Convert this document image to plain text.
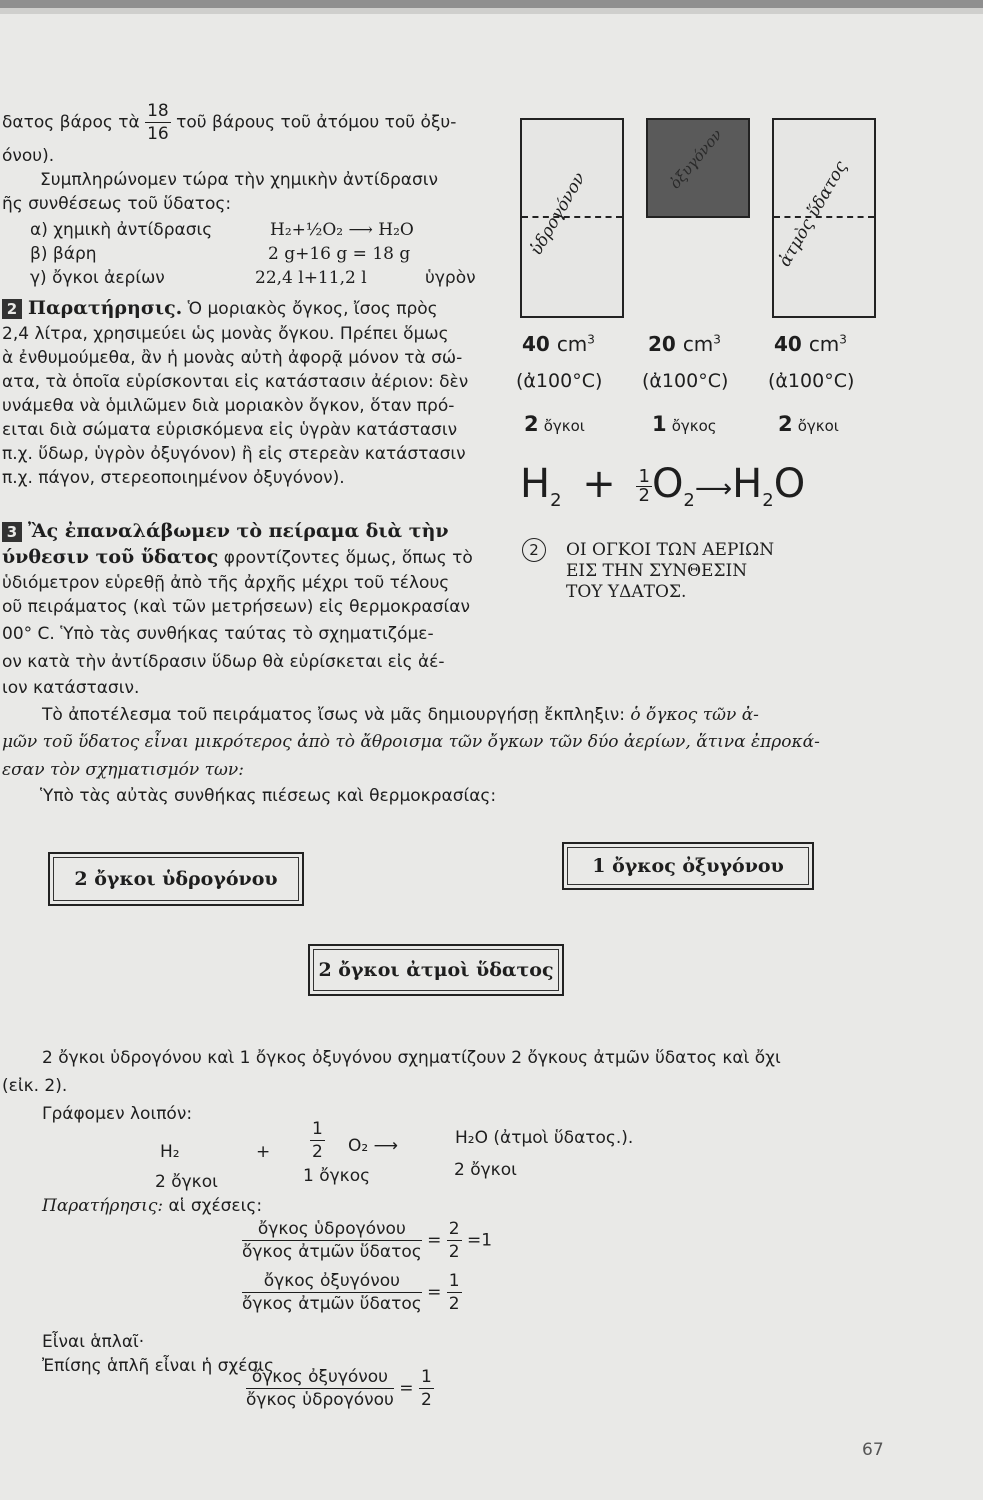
δατος βάρος τὰ $\frac{18}{16}$ τοῦ βάρους τοῦ ἀτόμου τοῦ ὀξυ-
όνου).
Συμπληρώνομεν τώρα τὴν χημικὴν ἀντίδρασιν
ῆς συνθέσεως τοῦ ὕδατος:
α) χημικὴ ἀντίδρασις	H₂+½O₂ ⟶ H₂O
β) βάρη	2 g+16 g = 18 g
γ) ὄγκοι ἀερίων	22,4 l+11,2 l	ὑγρὸν
2 Παρατήρησις. Ὁ μοριακὸς ὄγκος, ἴσος πρὸς
2,4 λίτρα, χρησιμεύει ὡς μονὰς ὄγκου. Πρέπει ὅμως
ὰ ἐνθυμούμεθα, ἂν ἡ μονὰς αὐτὴ ἀφορᾷ μόνον τὰ σώ-
ατα, τὰ ὁποῖα εὑρίσκονται εἰς κατάστασιν ἀέριον: δὲν
υνάμεθα νὰ ὁμιλῶμεν διὰ μοριακὸν ὄγκον, ὅταν πρό-
ειται διὰ σώματα εὑρισκόμενα εἰς ὑγρὰν κατάστασιν
π.χ. ὕδωρ, ὑγρὸν ὀξυγόνον) ἢ εἰς στερεὰν κατάστασιν
π.χ. πάγον, στερεοποιημένον ὀξυγόνον).
3 Ἂς ἐπαναλάβωμεν τὸ πείραμα διὰ τὴν
ύνθεσιν τοῦ ὕδατος φροντίζοντες ὅμως, ὅπως τὸ
ὑδιόμετρον εὑρεθῇ ἀπὸ τῆς ἀρχῆς μέχρι τοῦ τέλους
οῦ πειράματος (καὶ τῶν μετρήσεων) εἰς θερμοκρασίαν
00° C. Ὑπὸ τὰς συνθήκας ταύτας τὸ σχηματιζόμε-
ον κατὰ τὴν ἀντίδρασιν ὕδωρ θὰ εὑρίσκεται εἰς ἀέ-
ιον κατάστασιν.
ὑδρογόνον
ὀξυγόνον	ἀτμὸς ὕδατος
40 $cm^3$	20 $cm^3$	40 $cm^3$
(ἀ100°C) (ἀ100°C) (ἀ100°C)
2 ὄγκοι	1 ὄγκος	2 ὄγκοι
$H_2 + \frac{1}{2}$ $O_2⟶H_2O$
2	ΟΙ ΟΓΚΟΙ ΤΩΝ ΑΕΡΙΩΝ
ΕΙΣ ΤΗΝ ΣΥΝΘΕΣΙΝ
ΤΟΥ ΥΔΑΤΟΣ.
Τὸ ἀποτέλεσμα τοῦ πειράματος ἴσως νὰ μᾶς δημιουργήσῃ ἔκπληξιν: ὁ ὄγκος τῶν ἀ-
μῶν τοῦ ὕδατος εἶναι μικρότερος ἀπὸ τὸ ἄθροισμα τῶν ὄγκων τῶν δύο ἀερίων, ἅτινα ἐπροκά-
εσαν τὸν σχηματισμόν των:
Ὑπὸ τὰς αὐτὰς συνθήκας πιέσεως καὶ θερμοκρασίας:
2 ὄγκοι ὑδρογόνου
1 ὄγκος ὀξυγόνου
2 ὄγκοι ἀτμοὶ ὕδατος
2 ὄγκοι ὑδρογόνου καὶ 1 ὄγκος ὀξυγόνου σχηματίζουν 2 ὄγκους ἀτμῶν ὕδατος καὶ ὄχι
(εἰκ. 2).
Γράφομεν λοιπόν:
H₂	+ $\frac{1}{2} O_2$ ⟶	H₂O (ἀτμοὶ ὕδατος.).
2 ὄγκοι	1 ὄγκος	2 ὄγκοι
Παρατήρησις: αἱ σχέσεις:
$\frac{\text{ὄγκος ὑδρογόνου}}{\text{ὄγκος ἀτμῶν ὕδατος}} = \frac{2}{2} =1$
$\frac{\text{ὄγκος ὀξυγόνου}}{\text{ὄγκος ἀτμῶν ὕδατος}} = \frac{1}{2}$
Εἶναι ἁπλαῖ·
Ἐπίσης ἁπλῆ εἶναι ἡ σχέσις
$\frac{\text{ὄγκος ὀξυγόνου}}{\text{ὄγκος ὑδρογόνου}} = \frac{1}{2}$
67
